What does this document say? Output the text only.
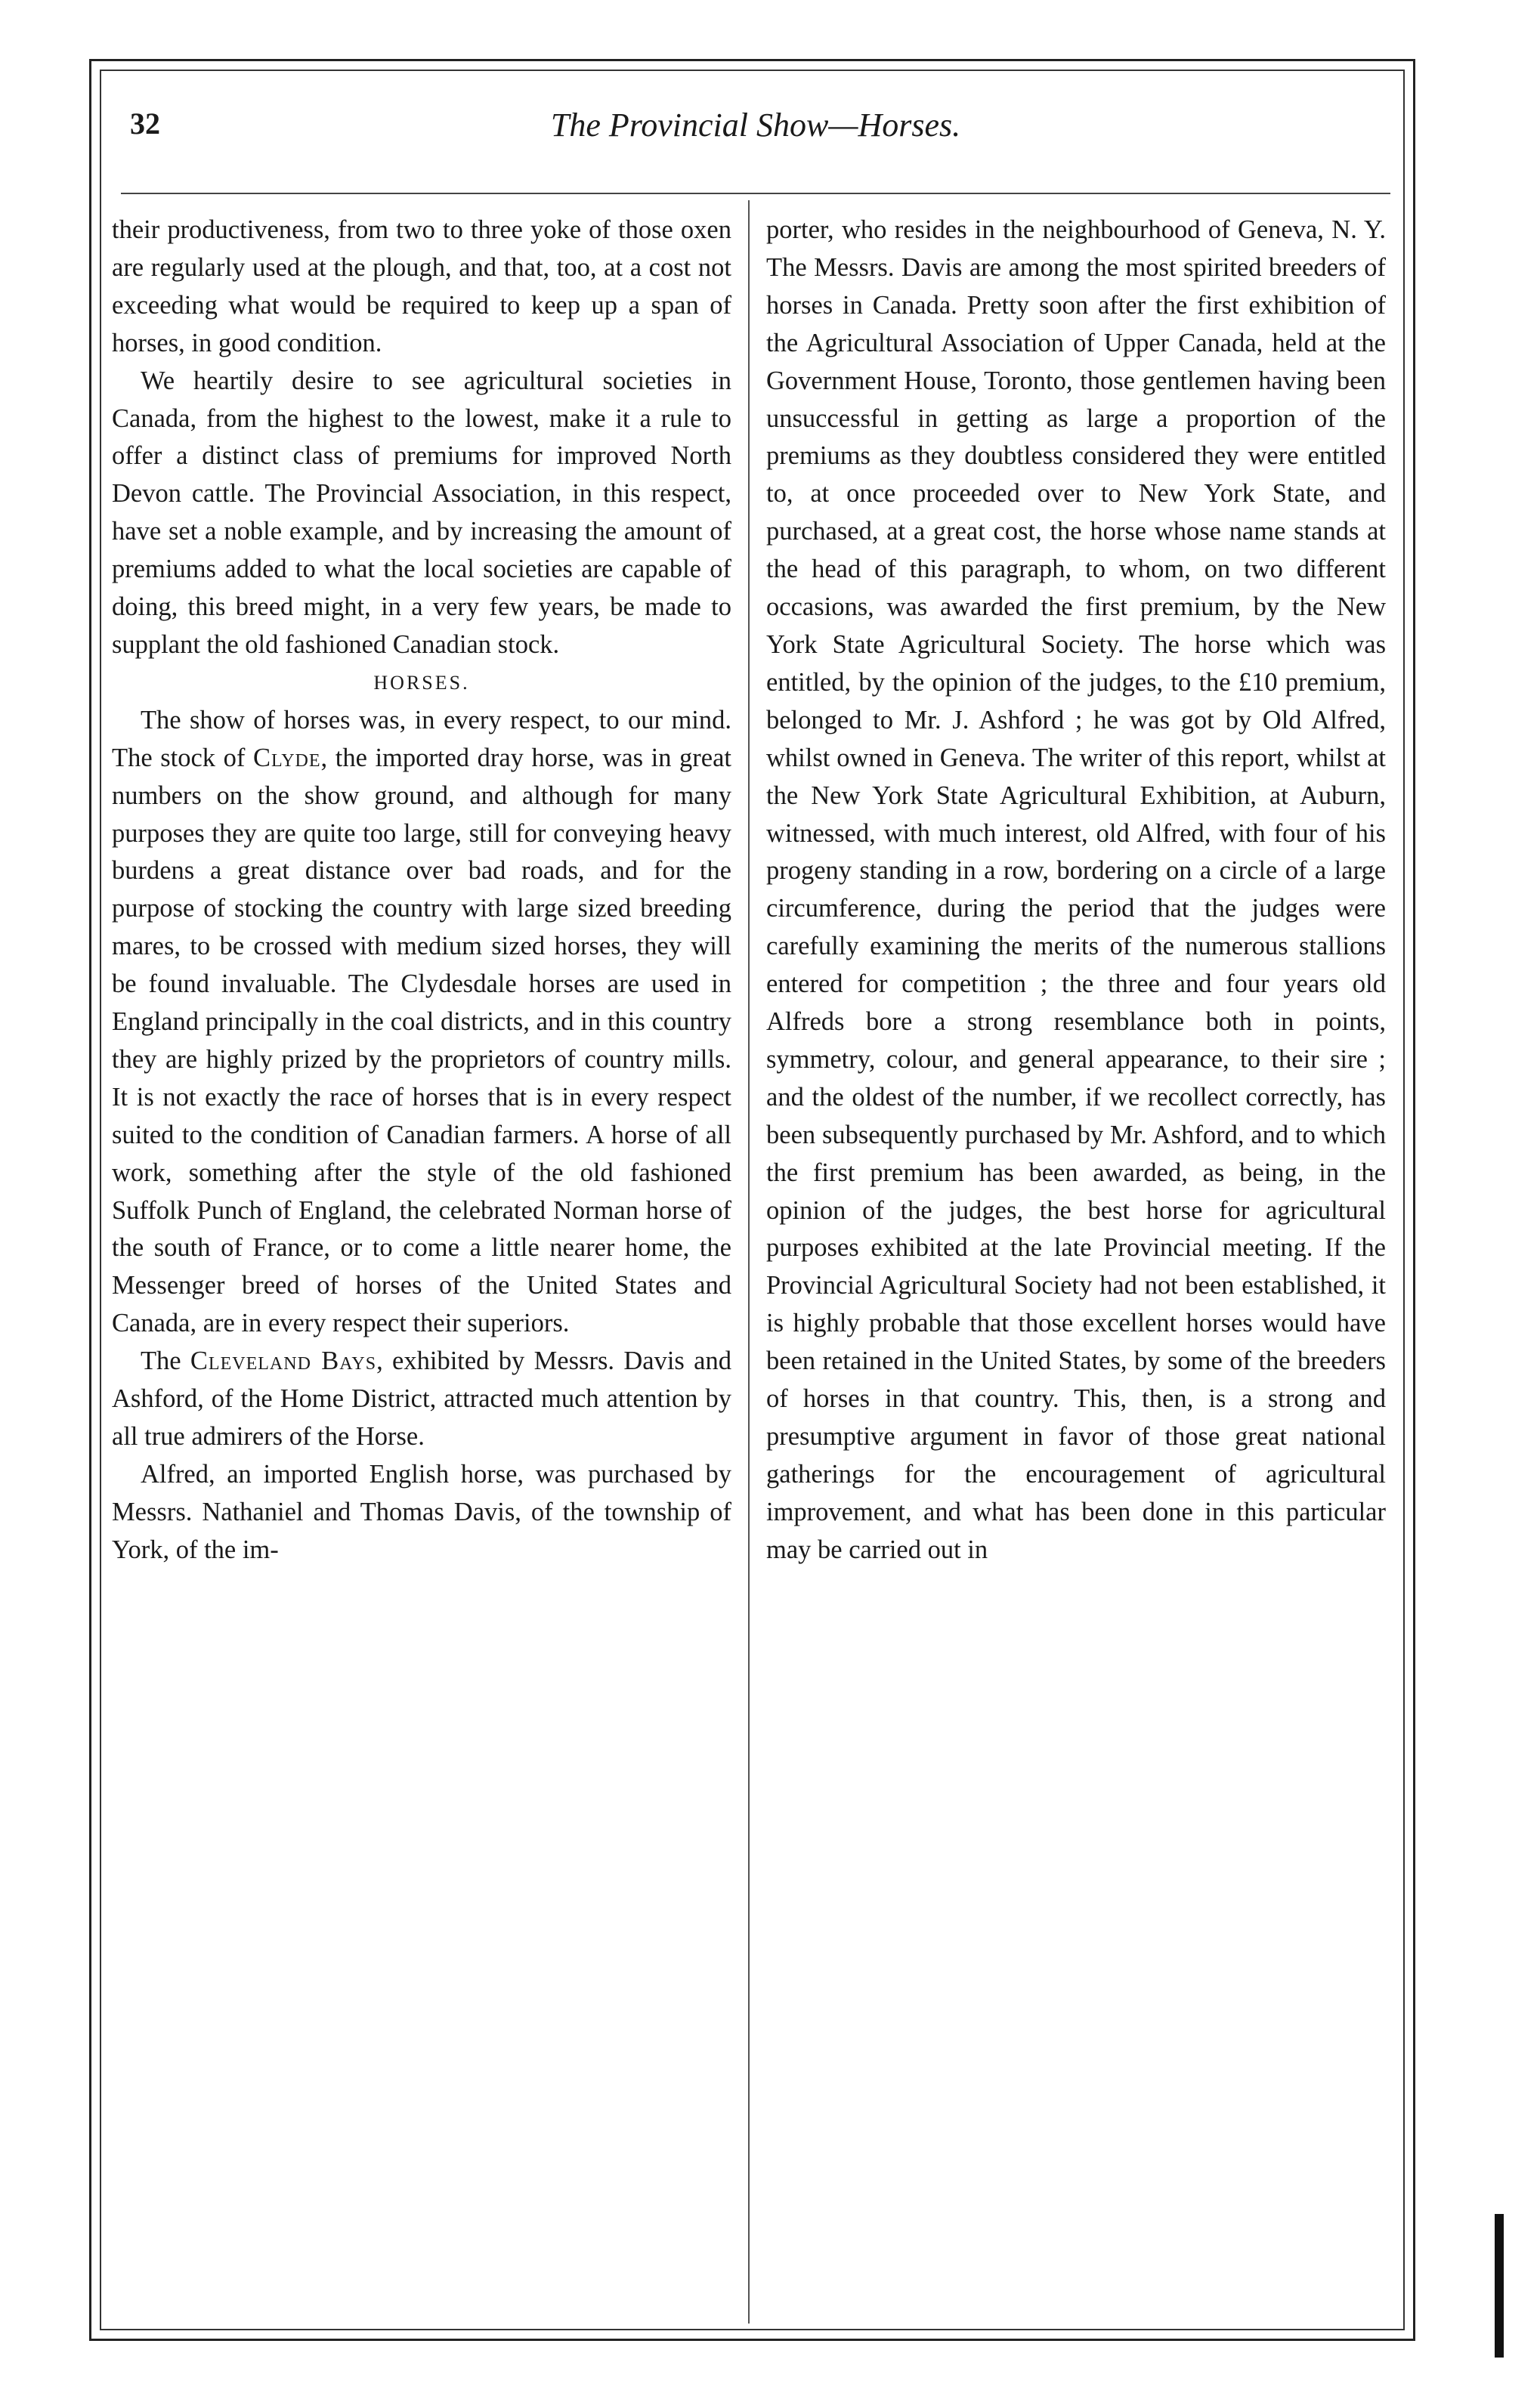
32	The Provincial Show—Horses.

their productiveness, from two to three yoke of those oxen are regularly used at the plough, and that, too, at a cost not exceeding what would be required to keep up a span of horses, in good condition.

We heartily desire to see agricultural societies in Canada, from the highest to the lowest, make it a rule to offer a distinct class of premiums for improved North Devon cattle. The Provincial Association, in this respect, have set a noble example, and by increasing the amount of premiums added to what the local societies are capable of doing, this breed might, in a very few years, be made to supplant the old fashioned Canadian stock.

HORSES.

The show of horses was, in every respect, to our mind. The stock of Clyde, the imported dray horse, was in great numbers on the show ground, and although for many purposes they are quite too large, still for conveying heavy burdens a great distance over bad roads, and for the purpose of stocking the country with large sized breeding mares, to be crossed with medium sized horses, they will be found invaluable. The Clydesdale horses are used in England principally in the coal districts, and in this country they are highly prized by the proprietors of country mills. It is not exactly the race of horses that is in every respect suited to the condition of Canadian farmers. A horse of all work, something after the style of the old fashioned Suffolk Punch of England, the celebrated Norman horse of the south of France, or to come a little nearer home, the Messenger breed of horses of the United States and Canada, are in every respect their superiors.

The Cleveland Bays, exhibited by Messrs. Davis and Ashford, of the Home District, attracted much attention by all true admirers of the Horse.

Alfred, an imported English horse, was purchased by Messrs. Nathaniel and Thomas Davis, of the township of York, of the im-

porter, who resides in the neighbourhood of Geneva, N. Y. The Messrs. Davis are among the most spirited breeders of horses in Canada. Pretty soon after the first exhibition of the Agricultural Association of Upper Canada, held at the Government House, Toronto, those gentlemen having been unsuccessful in getting as large a proportion of the premiums as they doubtless considered they were entitled to, at once proceeded over to New York State, and purchased, at a great cost, the horse whose name stands at the head of this paragraph, to whom, on two different occasions, was awarded the first premium, by the New York State Agricultural Society. The horse which was entitled, by the opinion of the judges, to the £10 premium, belonged to Mr. J. Ashford ; he was got by Old Alfred, whilst owned in Geneva. The writer of this report, whilst at the New York State Agricultural Exhibition, at Auburn, witnessed, with much interest, old Alfred, with four of his progeny standing in a row, bordering on a circle of a large circumference, during the period that the judges were carefully examining the merits of the numerous stallions entered for competition ; the three and four years old Alfreds bore a strong resemblance both in points, symmetry, colour, and general appearance, to their sire ; and the oldest of the number, if we recollect correctly, has been subsequently purchased by Mr. Ashford, and to which the first premium has been awarded, as being, in the opinion of the judges, the best horse for agricultural purposes exhibited at the late Provincial meeting. If the Provincial Agricultural Society had not been established, it is highly probable that those excellent horses would have been retained in the United States, by some of the breeders of horses in that country. This, then, is a strong and presumptive argument in favor of those great national gatherings for the encouragement of agricultural improvement, and what has been done in this particular may be carried out in
